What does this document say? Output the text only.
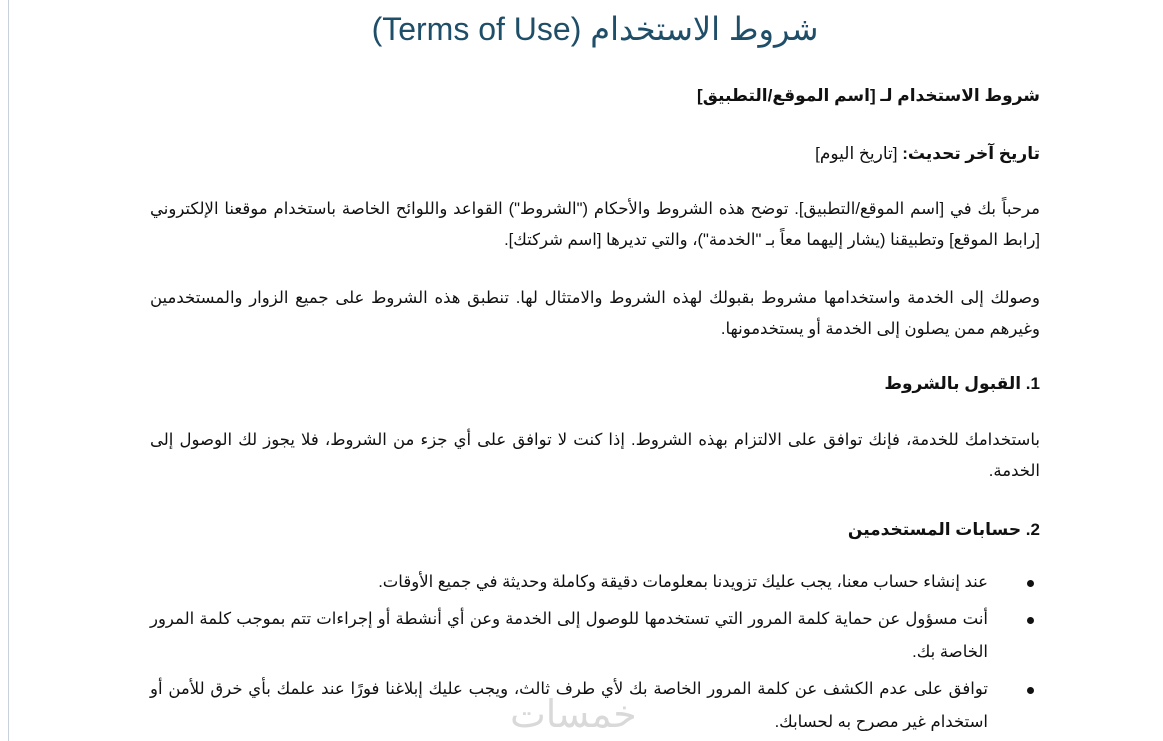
شروط الاستخدام (Terms of Use)

شروط الاستخدام لـ [اسم الموقع/التطبيق]

تاريخ آخر تحديث: [تاريخ اليوم]

مرحباً بك في [اسم الموقع/التطبيق]. توضح هذه الشروط والأحكام ("الشروط") القواعد واللوائح الخاصة باستخدام موقعنا الإلكتروني [رابط الموقع] وتطبيقنا (يشار إليهما معاً بـ "الخدمة")، والتي تديرها [اسم شركتك].

وصولك إلى الخدمة واستخدامها مشروط بقبولك لهذه الشروط والامتثال لها. تنطبق هذه الشروط على جميع الزوار والمستخدمين وغيرهم ممن يصلون إلى الخدمة أو يستخدمونها.

1. القبول بالشروط

باستخدامك للخدمة، فإنك توافق على الالتزام بهذه الشروط. إذا كنت لا توافق على أي جزء من الشروط، فلا يجوز لك الوصول إلى الخدمة.

2. حسابات المستخدمين

عند إنشاء حساب معنا، يجب عليك تزويدنا بمعلومات دقيقة وكاملة وحديثة في جميع الأوقات.
أنت مسؤول عن حماية كلمة المرور التي تستخدمها للوصول إلى الخدمة وعن أي أنشطة أو إجراءات تتم بموجب كلمة المرور الخاصة بك.
توافق على عدم الكشف عن كلمة المرور الخاصة بك لأي طرف ثالث، ويجب عليك إبلاغنا فورًا عند علمك بأي خرق للأمن أو استخدام غير مصرح به لحسابك.
خمسات
